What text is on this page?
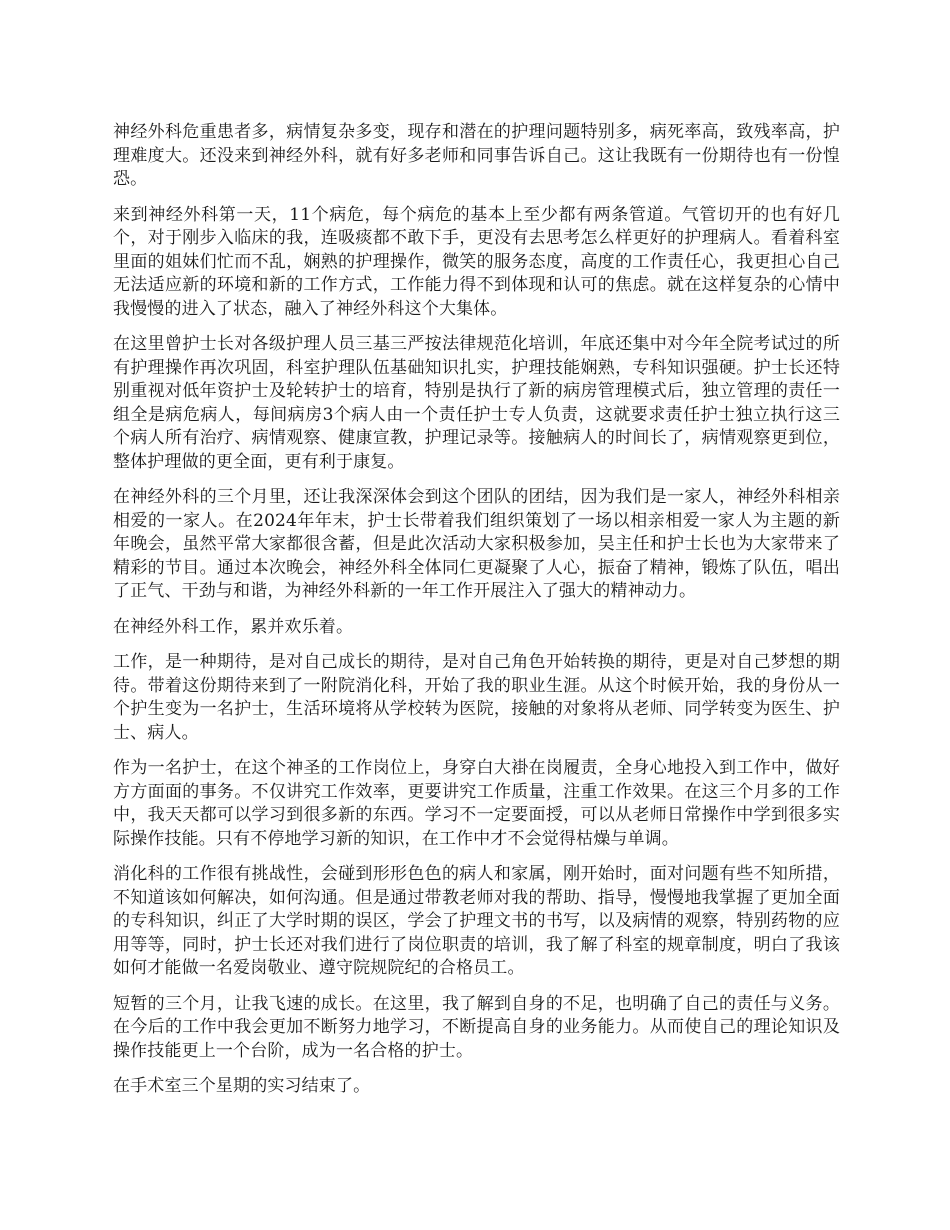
神经外科危重患者多，病情复杂多变，现存和潜在的护理问题特别多，病死率高，致残率高，护理难度大。还没来到神经外科，就有好多老师和同事告诉自己。这让我既有一份期待也有一份惶恐。

来到神经外科第一天，11个病危，每个病危的基本上至少都有两条管道。气管切开的也有好几个，对于刚步入临床的我，连吸痰都不敢下手，更没有去思考怎么样更好的护理病人。看着科室里面的姐妹们忙而不乱，娴熟的护理操作，微笑的服务态度，高度的工作责任心，我更担心自己无法适应新的环境和新的工作方式，工作能力得不到体现和认可的焦虑。就在这样复杂的心情中我慢慢的进入了状态，融入了神经外科这个大集体。

在这里曾护士长对各级护理人员三基三严按法律规范化培训，年底还集中对今年全院考试过的所有护理操作再次巩固，科室护理队伍基础知识扎实，护理技能娴熟，专科知识强硬。护士长还特别重视对低年资护士及轮转护士的培育，特别是执行了新的病房管理模式后，独立管理的责任一组全是病危病人，每间病房3个病人由一个责任护士专人负责，这就要求责任护士独立执行这三个病人所有治疗、病情观察、健康宣教，护理记录等。接触病人的时间长了，病情观察更到位，整体护理做的更全面，更有利于康复。

在神经外科的三个月里，还让我深深体会到这个团队的团结，因为我们是一家人，神经外科相亲相爱的一家人。在2024年年末，护士长带着我们组织策划了一场以相亲相爱一家人为主题的新年晚会，虽然平常大家都很含蓄，但是此次活动大家积极参加，吴主任和护士长也为大家带来了精彩的节目。通过本次晚会，神经外科全体同仁更凝聚了人心，振奋了精神，锻炼了队伍，唱出了正气、干劲与和谐，为神经外科新的一年工作开展注入了强大的精神动力。

在神经外科工作，累并欢乐着。

工作，是一种期待，是对自己成长的期待，是对自己角色开始转换的期待，更是对自己梦想的期待。带着这份期待来到了一附院消化科，开始了我的职业生涯。从这个时候开始，我的身份从一个护生变为一名护士，生活环境将从学校转为医院，接触的对象将从老师、同学转变为医生、护士、病人。

作为一名护士，在这个神圣的工作岗位上，身穿白大褂在岗履责，全身心地投入到工作中，做好方方面面的事务。不仅讲究工作效率，更要讲究工作质量，注重工作效果。在这三个月多的工作中，我天天都可以学习到很多新的东西。学习不一定要面授，可以从老师日常操作中学到很多实际操作技能。只有不停地学习新的知识，在工作中才不会觉得枯燥与单调。

消化科的工作很有挑战性，会碰到形形色色的病人和家属，刚开始时，面对问题有些不知所措，不知道该如何解决，如何沟通。但是通过带教老师对我的帮助、指导，慢慢地我掌握了更加全面的专科知识，纠正了大学时期的误区，学会了护理文书的书写，以及病情的观察，特别药物的应用等等，同时，护士长还对我们进行了岗位职责的培训，我了解了科室的规章制度，明白了我该如何才能做一名爱岗敬业、遵守院规院纪的合格员工。

短暂的三个月，让我飞速的成长。在这里，我了解到自身的不足，也明确了自己的责任与义务。在今后的工作中我会更加不断努力地学习，不断提高自身的业务能力。从而使自己的理论知识及操作技能更上一个台阶，成为一名合格的护士。

在手术室三个星期的实习结束了。
